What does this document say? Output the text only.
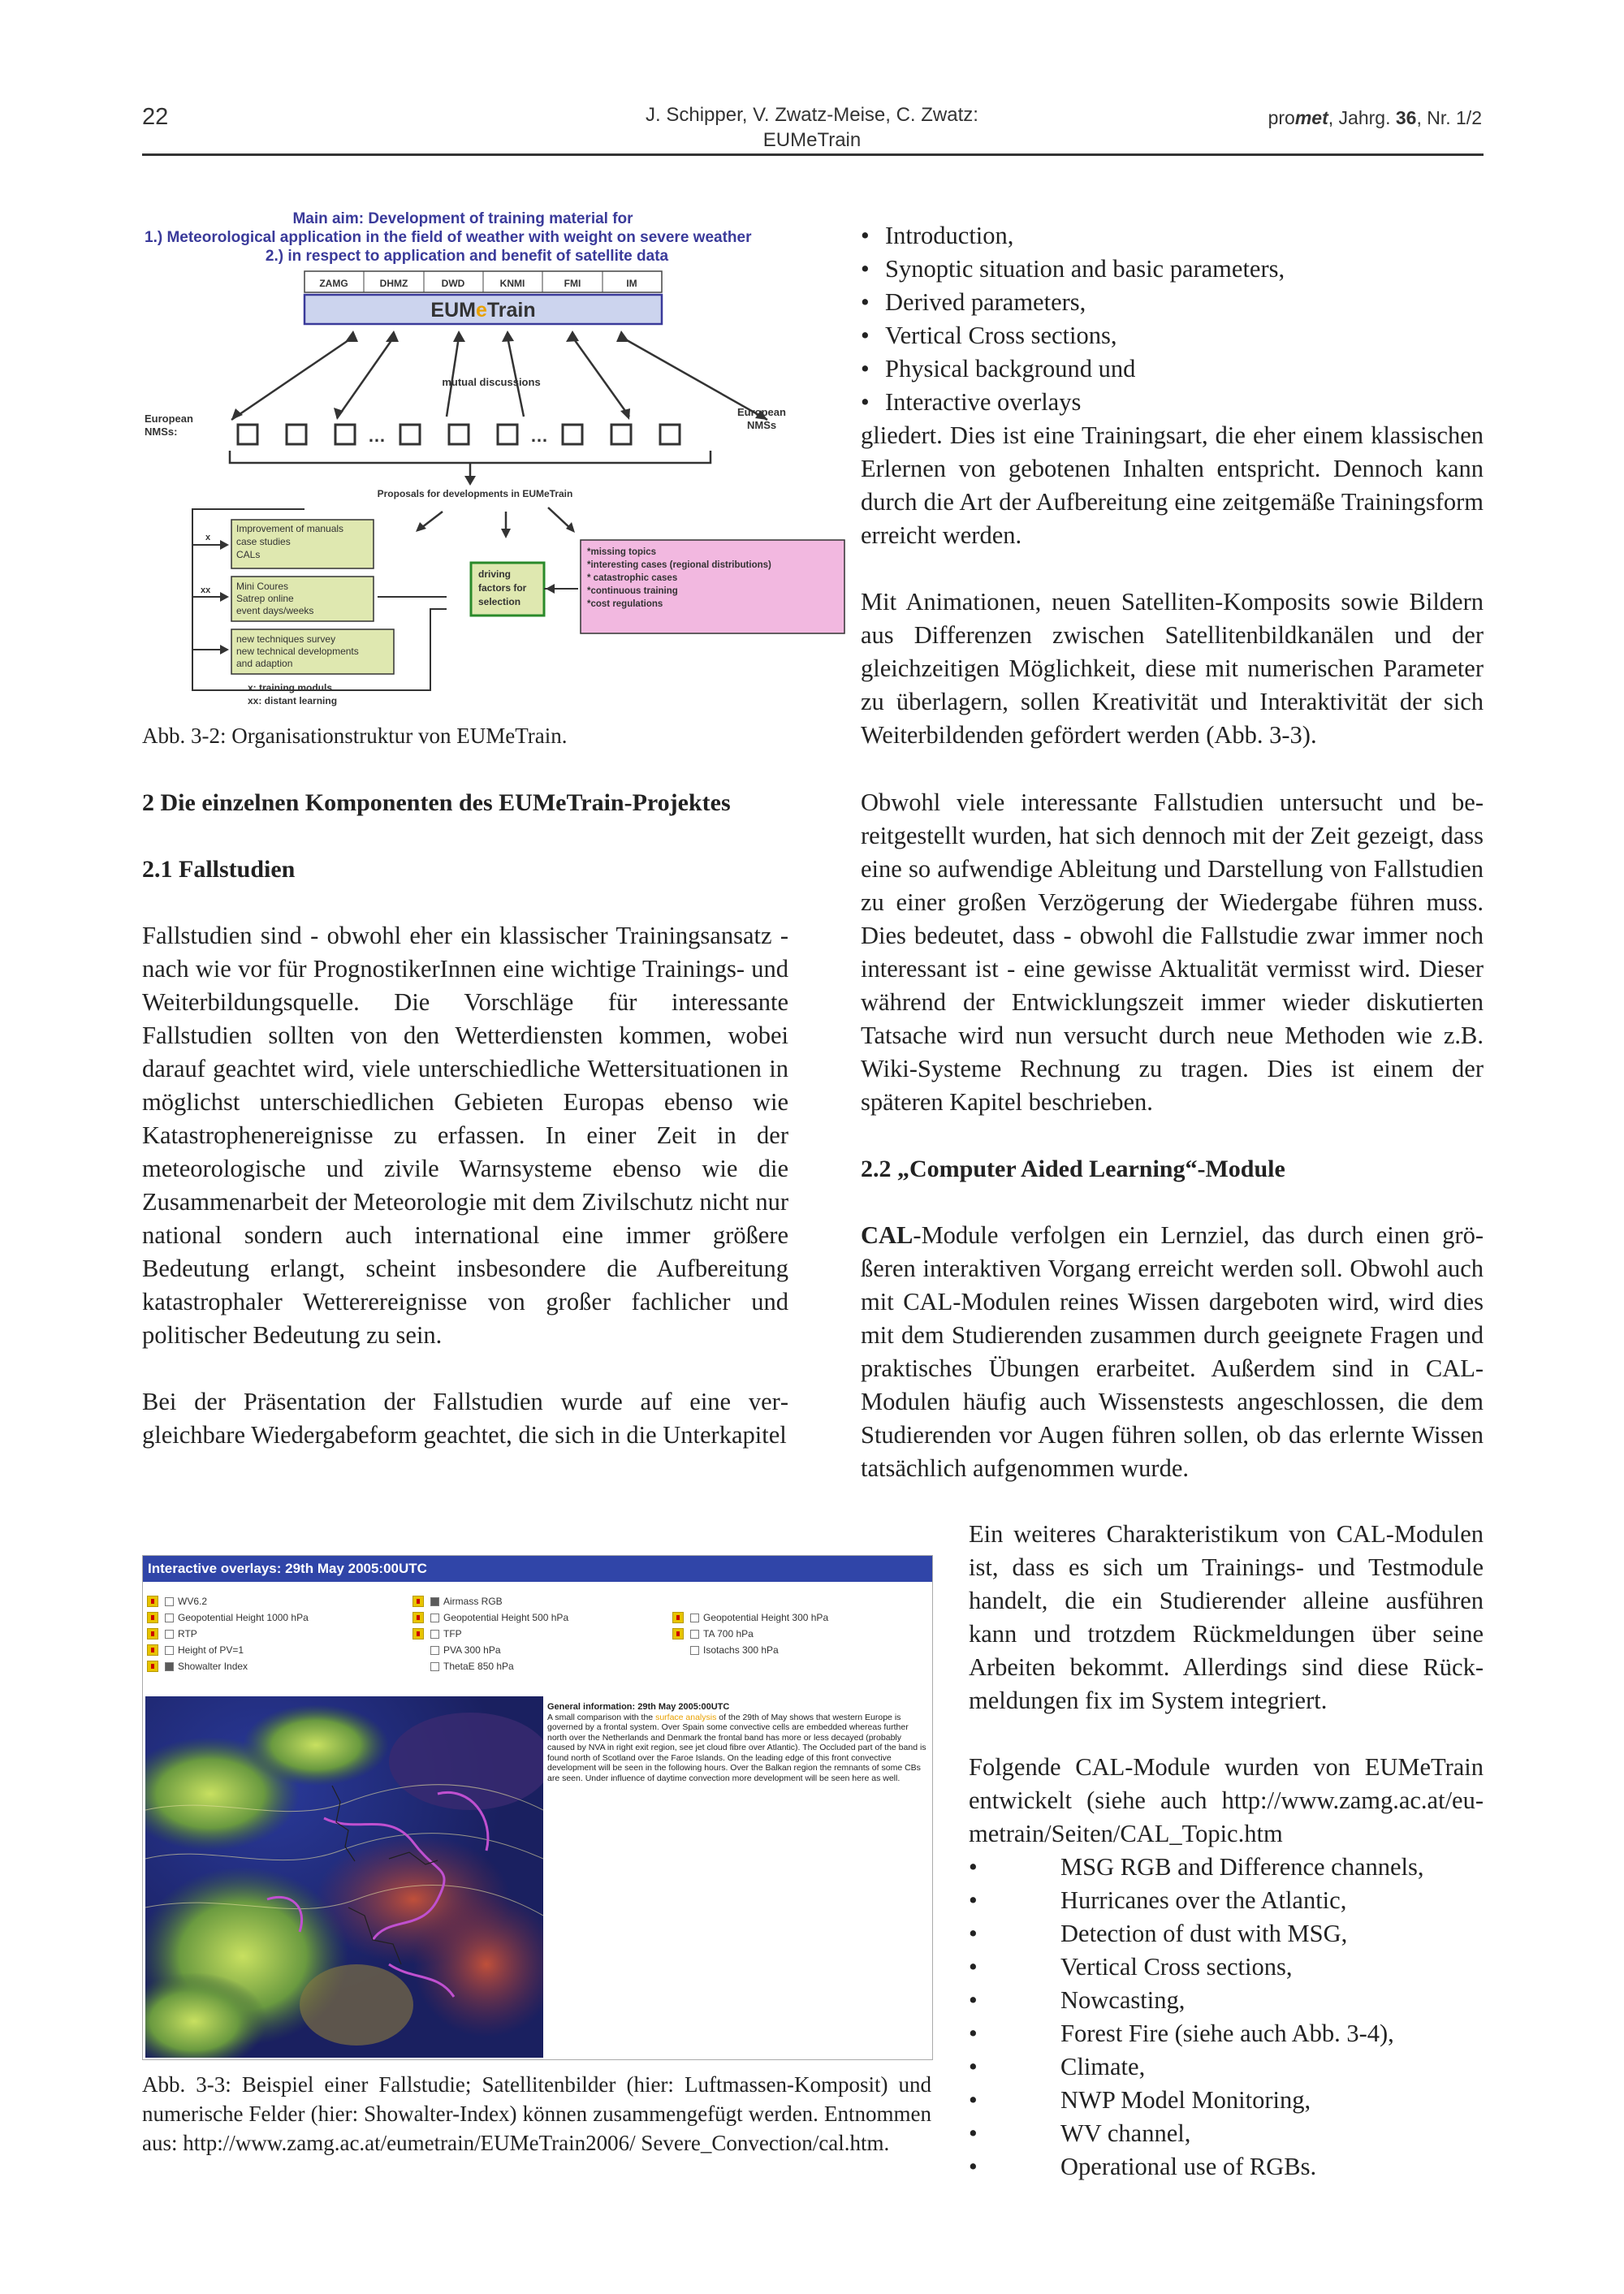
22	J. Schipper, V. Zwatz-Meise, C. Zwatz:
EUMeTrain
promet, Jahrg. 36, Nr. 1/2
Main aim: Development of training material for
1.) Meteorological application in the field of weather with weight on severe weather
2.) in respect to application and benefit of satellite data
ZAMG	DHMZ	DWD	KNMI	FMI	IM
EUMeTrain
mutual discussions
European
NMSs:
European
NMSs
…	…
Proposals for developments in EUMeTrain
x
xx
Improvement of manuals
case studies
CALs
Mini Coures
Satrep online
event days/weeks
new techniques survey
new technical developments
and adaption
x: training moduls
xx: distant learning
driving
factors for
selection
*missing topics
*interesting cases (regional distributions)
* catastrophic cases
*continuous training
*cost regulations
Abb. 3-2: Organisationstruktur von EUMeTrain.
• Introduction,
• Synoptic situation and basic parameters,
• Derived parameters,
• Vertical Cross sections,
• Physical background und
• Interactive overlays

gliedert. Dies ist eine Trainingsart, die eher einem klassischen Erlernen von gebotenen Inhalten entspricht. Dennoch kann durch die Art der Aufbereitung eine zeitgemäße Trainingsform erreicht werden.

Mit Animationen, neuen Satelliten-Komposits sowie Bildern aus Differenzen zwischen Satellitenbildkanälen und der gleichzeitigen Möglichkeit, diese mit numerischen Parameter zu überlagern, sollen Kreativität und Interaktivität der sich Weiterbildenden gefördert werden (Abb. 3-3).

2 Die einzelnen Komponenten des EUMeTrain-Projektes

2.1 Fallstudien

Fallstudien sind - obwohl eher ein klassischer Trainingsansatz - nach wie vor für PrognostikerInnen eine wichtige Trainings- und Weiterbildungsquelle. Die Vorschläge für interessante Fallstudien sollten von den Wetterdiensten kommen, wobei darauf geachtet wird, viele unterschiedliche Wettersituationen in möglichst unterschiedlichen Gebieten Europas ebenso wie Katastrophenereignisse zu erfassen. In einer Zeit in der meteorologische und zivile Warnsysteme ebenso wie die Zusammenarbeit der Meteorologie mit dem Zivilschutz nicht nur national sondern auch international eine immer größere Bedeutung erlangt, scheint insbesondere die Aufbereitung katastrophaler Wetterereignisse von großer fachlicher und politischer Bedeutung zu sein.

Bei der Präsentation der Fallstudien wurde auf eine vergleichbare Wiedergabeform geachtet, die sich in die Unterkapitel

Obwohl viele interessante Fallstudien untersucht und bereitgestellt wurden, hat sich dennoch mit der Zeit gezeigt, dass eine so aufwendige Ableitung und Darstellung von Fallstudien zu einer großen Verzögerung der Wiedergabe führen muss. Dies bedeutet, dass - obwohl die Fallstudie zwar immer noch interessant ist - eine gewisse Aktualität vermisst wird. Dieser während der Entwicklungszeit immer wieder diskutierten Tatsache wird nun versucht durch neue Methoden wie z.B. Wiki-Systeme Rechnung zu tragen. Dies ist einem der späteren Kapitel beschrieben.

2.2 „Computer Aided Learning“-Module

CAL-Module verfolgen ein Lernziel, das durch einen größeren interaktiven Vorgang erreicht werden soll. Obwohl auch mit CAL-Modulen reines Wissen dargeboten wird, wird dies mit dem Studierenden zusammen durch geeignete Fragen und praktisches Übungen erarbeitet. Außerdem sind in CAL-Modulen häufig auch Wissenstests angeschlossen, die dem Studierenden vor Augen führen sollen, ob das erlernte Wissen tatsächlich aufgenommen wurde.

Ein weiteres Charakteristikum von CAL-Modulen ist, dass es sich um Trainings- und Testmodule handelt, die ein Studierender alleine ausführen kann und trotzdem Rückmeldungen über seine Arbeiten bekommt. Allerdings sind diese Rückmeldungen fix im System integriert.

Folgende CAL-Module wurden von EUMeTrain entwickelt (siehe auch http://www.zamg.ac.at/eumetrain/Seiten/CAL_Topic.htm

• MSG RGB and Difference channels,
• Hurricanes over the Atlantic,
• Detection of dust with MSG,
• Vertical Cross sections,
• Nowcasting,
• Forest Fire (siehe auch Abb. 3-4),
• Climate,
• NWP Model Monitoring,
• WV channel,
• Operational use of RGBs.
Interactive overlays: 29th May 2005:00UTC
WV6.2
Geopotential Height 1000 hPa
RTP
Height of PV=1
Showalter Index
Airmass RGB
Geopotential Height 500 hPa
TFP
PVA 300 hPa
ThetaE 850 hPa
Geopotential Height 300 hPa
TA 700 hPa
Isotachs 300 hPa
General information: 29th May 2005:00UTC
A small comparison with the surface analysis of the 29th of May shows that western Europe is governed by a frontal system. Over Spain some convective cells are embedded whereas further north over the Netherlands and Denmark the frontal band has more or less decayed (probably caused by NVA in right exit region, see jet cloud fibre over Atlantic). The Occluded part of the band is found north of Scotland over the Faroe Islands. On the leading edge of this front convective development will be seen in the following hours. Over the Balkan region the remnants of some CBs are seen. Under influence of daytime convection more development will be seen here as well.
Abb. 3-3: Beispiel einer Fallstudie; Satellitenbilder (hier: Luftmassen-Komposit) und numerische Felder (hier: Showalter-Index) können zusammengefügt werden. Entnommen aus: http://www.zamg.ac.at/eumetrain/EUMeTrain2006/ Severe_Convection/cal.htm.
